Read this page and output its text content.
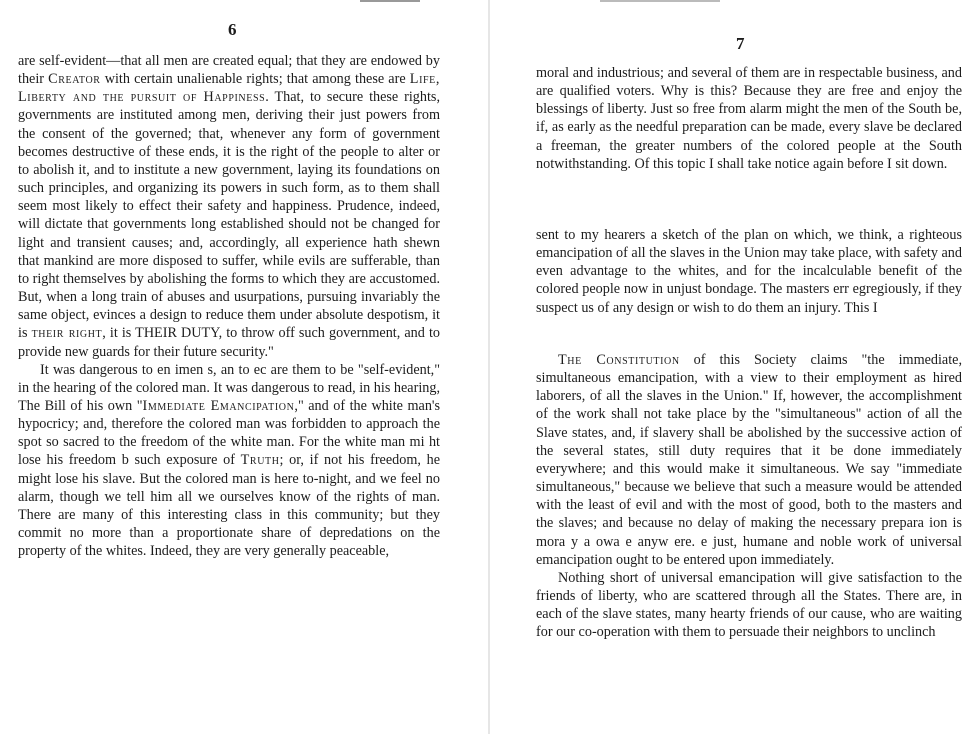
6

are self-evident—that all men are created equal; that they are endowed by their Creator with certain unalienable rights; that among these are Life, Liberty and the pursuit of Happiness. That, to secure these rights, governments are instituted among men, deriving their just powers from the consent of the governed; that, whenever any form of government becomes destructive of these ends, it is the right of the people to alter or to abolish it, and to institute a new government, laying its foundations on such principles, and organizing its powers in such form, as to them shall seem most likely to effect their safety and happiness. Prudence, indeed, will dictate that governments long established should not be changed for light and transient causes; and, accordingly, all experience hath shewn that mankind are more disposed to suffer, while evils are sufferable, than to right themselves by abolishing the forms to which they are accustomed. But, when a long train of abuses and usurpations, pursuing invariably the same object, evinces a design to reduce them under absolute despotism, it is their right, it is THEIR DUTY, to throw off such government, and to provide new guards for their future security."

It was dangerous to en imen s, an to ec are them to be "self-evident," in the hearing of the colored man. It was dangerous to read, in his hearing, The Bill of his own "Immediate Emancipation," and of the white man's hypocricy; and, therefore the colored man was forbidden to approach the spot so sacred to the freedom of the white man. For the white man mi ht lose his freedom b such exposure of Truth; or, if not his freedom, he might lose his slave. But the colored man is here to-night, and we feel no alarm, though we tell him all we ourselves know of the rights of man. There are many of this interesting class in this community; but they commit no more than a proportionate share of depredations on the property of the whites. Indeed, they are very generally peaceable,

7

moral and industrious; and several of them are in respectable business, and are qualified voters. Why is this? Because they are free and enjoy the blessings of liberty. Just so free from alarm might the men of the South be, if, as early as the needful preparation can be made, every slave be declared a freeman, the greater numbers of the colored people at the South notwithstanding. Of this topic I shall take notice again before I sit down.

sent to my hearers a sketch of the plan on which, we think, a righteous emancipation of all the slaves in the Union may take place, with safety and even advantage to the whites, and for the incalculable benefit of the colored people now in unjust bondage. The masters err egregiously, if they suspect us of any design or wish to do them an injury. This I

The Constitution of this Society claims "the immediate, simultaneous emancipation, with a view to their employment as hired laborers, of all the slaves in the Union." If, however, the accomplishment of the work shall not take place by the "simultaneous" action of all the Slave states, and, if slavery shall be abolished by the successive action of the several states, still duty requires that it be done immediately everywhere; and this would make it simultaneous. We say "immediate simultaneous," because we believe that such a measure would be attended with the least of evil and with the most of good, both to the masters and the slaves; and because no delay of making the necessary prepara ion is mora y a owa e anyw ere. e just, humane and noble work of universal emancipation ought to be entered upon immediately.

Nothing short of universal emancipation will give satisfaction to the friends of liberty, who are scattered through all the States. There are, in each of the slave states, many hearty friends of our cause, who are waiting for our co-operation with them to persuade their neighbors to unclinch
